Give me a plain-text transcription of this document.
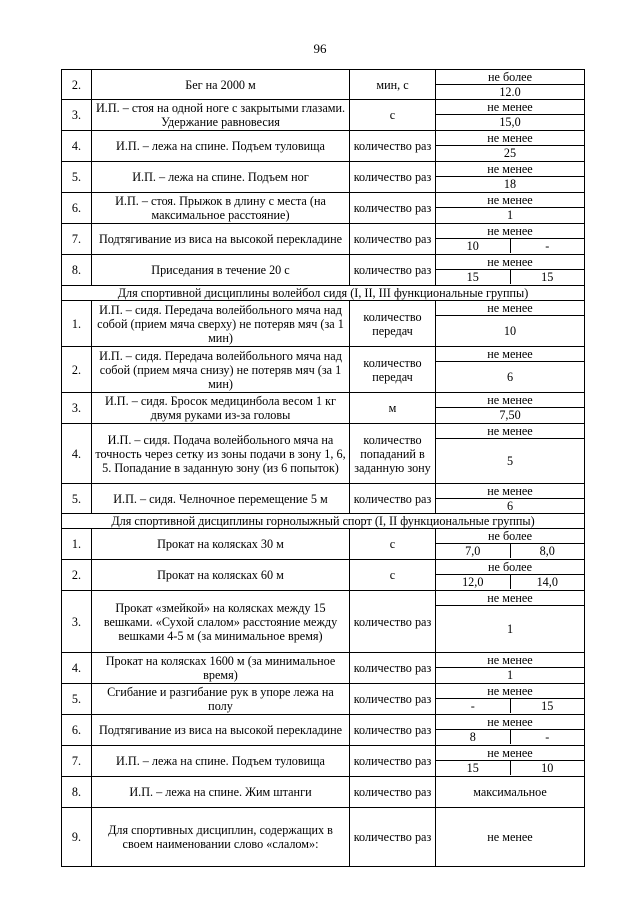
96
2.	Бег на 2000 м	мин, с	не более
12.0

3.	И.П. – стоя на одной ноге с закрытыми глазами. Удержание равновесия	с	не менее
15,0

4.	И.П. – лежа на спине. Подъем туловища	количество раз	не менее
25

5.	И.П. – лежа на спине. Подъем ног	количество раз	не менее
18

6.	И.П. – стоя. Прыжок в длину с места (на максимальное расстояние)	количество раз	не менее
1

7.	Подтягивание из виса на высокой перекладине	количество раз	не менее
10 -

8.	Приседания в течение 20 с	количество раз	не менее
15 15

Для спортивной дисциплины волейбол сидя (I, II, III функциональные группы)			
1.	И.П. – сидя. Передача волейбольного мяча над собой (прием мяча сверху) не потеряв мяч (за 1 мин)	количество передач	не менее
10

2.	И.П. – сидя. Передача волейбольного мяча над собой (прием мяча снизу) не потеряв мяч (за 1 мин)	количество передач	не менее
6

3.	И.П. – сидя. Бросок медицинбола весом 1 кг двумя руками из-за головы	м	не менее
7,50

4.	И.П. – сидя. Подача волейбольного мяча на точность через сетку из зоны подачи в зону 1, 6, 5. Попадание в заданную зону (из 6 попыток)	количество попаданий в заданную зону	не менее
5

5.	И.П. – сидя. Челночное перемещение 5 м	количество раз	не менее
6

Для спортивной дисциплины горнолыжный спорт (I, II функциональные группы)			
1.	Прокат на колясках 30 м	с	не более
7,0 8,0

2.	Прокат на колясках 60 м	с	не более
12,0 14,0

3.	Прокат «змейкой» на колясках между 15 вешками. «Сухой слалом» расстояние между вешками 4-5 м (за минимальное время)	количество раз	не менее
1

4.	Прокат на колясках 1600 м (за минимальное время)	количество раз	не менее
1

5.	Сгибание и разгибание рук в упоре лежа на полу	количество раз	не менее
- 15

6.	Подтягивание из виса на высокой перекладине	количество раз	не менее
8 -

7.	И.П. – лежа на спине. Подъем туловища	количество раз	не менее
15 10

8.	И.П. – лежа на спине. Жим штанги	количество раз	максимальное
9.	Для спортивных дисциплин, содержащих в своем наименовании слово «слалом»:	количество раз	не менее
